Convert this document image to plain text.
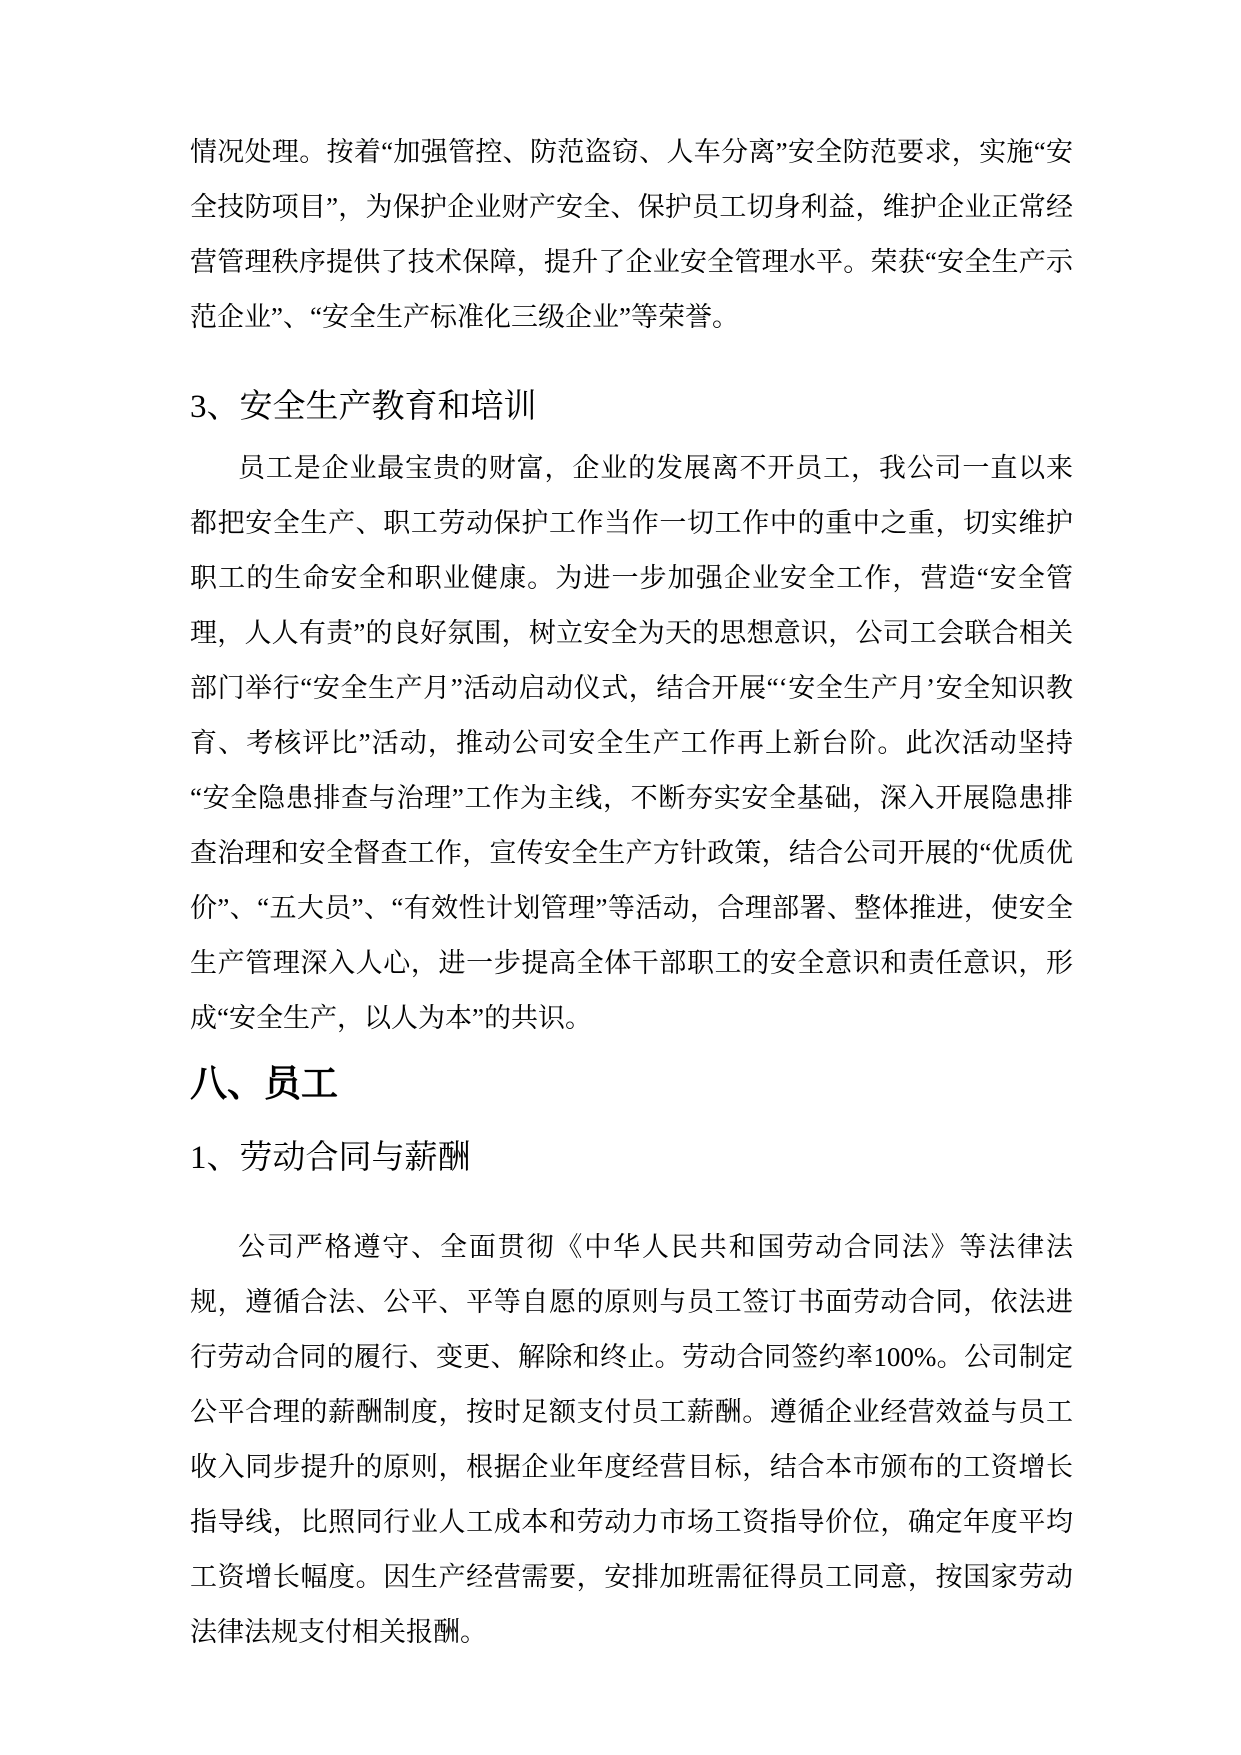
情况处理。按着“加强管控、防范盗窃、人车分离”安全防范要求，实施“安全技防项目”，为保护企业财产安全、保护员工切身利益，维护企业正常经营管理秩序提供了技术保障，提升了企业安全管理水平。荣获“安全生产示范企业”、“安全生产标准化三级企业”等荣誉。

3、安全生产教育和培训

员工是企业最宝贵的财富，企业的发展离不开员工，我公司一直以来都把安全生产、职工劳动保护工作当作一切工作中的重中之重，切实维护职工的生命安全和职业健康。为进一步加强企业安全工作，营造“安全管理，人人有责”的良好氛围，树立安全为天的思想意识，公司工会联合相关部门举行“安全生产月”活动启动仪式，结合开展“‘安全生产月’安全知识教育、考核评比”活动，推动公司安全生产工作再上新台阶。此次活动坚持“安全隐患排查与治理”工作为主线，不断夯实安全基础，深入开展隐患排查治理和安全督查工作，宣传安全生产方针政策，结合公司开展的“优质优价”、“五大员”、“有效性计划管理”等活动，合理部署、整体推进，使安全生产管理深入人心，进一步提高全体干部职工的安全意识和责任意识，形成“安全生产，以人为本”的共识。

八、员工
1、劳动合同与薪酬

公司严格遵守、全面贯彻《中华人民共和国劳动合同法》等法律法规，遵循合法、公平、平等自愿的原则与员工签订书面劳动合同，依法进行劳动合同的履行、变更、解除和终止。劳动合同签约率100%。公司制定公平合理的薪酬制度，按时足额支付员工薪酬。遵循企业经营效益与员工收入同步提升的原则，根据企业年度经营目标，结合本市颁布的工资增长指导线，比照同行业人工成本和劳动力市场工资指导价位，确定年度平均工资增长幅度。因生产经营需要，安排加班需征得员工同意，按国家劳动法律法规支付相关报酬。
